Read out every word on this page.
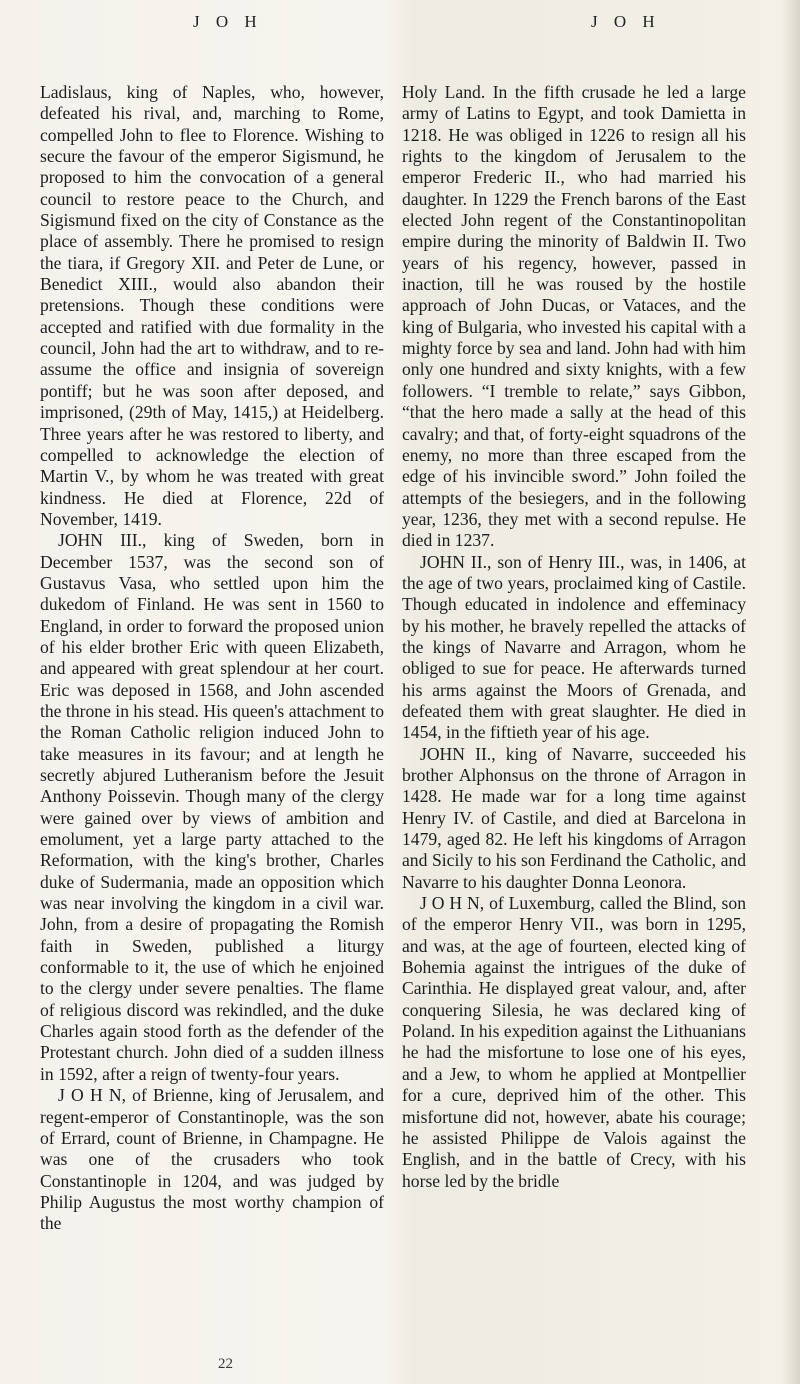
J O H	J O H

Ladislaus, king of Naples, who, however, defeated his rival, and, marching to Rome, compelled John to flee to Florence. Wishing to secure the favour of the emperor Sigismund, he proposed to him the convocation of a general council to restore peace to the Church, and Sigismund fixed on the city of Constance as the place of assembly. There he promised to resign the tiara, if Gregory XII. and Peter de Lune, or Benedict XIII., would also abandon their pretensions. Though these conditions were accepted and ratified with due formality in the council, John had the art to withdraw, and to re-assume the office and insignia of sovereign pontiff; but he was soon after deposed, and imprisoned, (29th of May, 1415,) at Heidelberg. Three years after he was restored to liberty, and compelled to acknowledge the election of Martin V., by whom he was treated with great kindness. He died at Florence, 22d of November, 1419.

JOHN III., king of Sweden, born in December 1537, was the second son of Gustavus Vasa, who settled upon him the dukedom of Finland. He was sent in 1560 to England, in order to forward the proposed union of his elder brother Eric with queen Elizabeth, and appeared with great splendour at her court. Eric was deposed in 1568, and John ascended the throne in his stead. His queen's attachment to the Roman Catholic religion induced John to take measures in its favour; and at length he secretly abjured Lutheranism before the Jesuit Anthony Poissevin. Though many of the clergy were gained over by views of ambition and emolument, yet a large party attached to the Reformation, with the king's brother, Charles duke of Sudermania, made an opposition which was near involving the kingdom in a civil war. John, from a desire of propagating the Romish faith in Sweden, published a liturgy conformable to it, the use of which he enjoined to the clergy under severe penalties. The flame of religious discord was rekindled, and the duke Charles again stood forth as the defender of the Protestant church. John died of a sudden illness in 1592, after a reign of twenty-four years.

J O H N, of Brienne, king of Jerusalem, and regent-emperor of Constantinople, was the son of Errard, count of Brienne, in Champagne. He was one of the crusaders who took Constantinople in 1204, and was judged by Philip Augustus the most worthy champion of the

Holy Land. In the fifth crusade he led a large army of Latins to Egypt, and took Damietta in 1218. He was obliged in 1226 to resign all his rights to the kingdom of Jerusalem to the emperor Frederic II., who had married his daughter. In 1229 the French barons of the East elected John regent of the Constantinopolitan empire during the minority of Baldwin II. Two years of his regency, however, passed in inaction, till he was roused by the hostile approach of John Ducas, or Vataces, and the king of Bulgaria, who invested his capital with a mighty force by sea and land. John had with him only one hundred and sixty knights, with a few followers. “I tremble to relate,” says Gibbon, “that the hero made a sally at the head of this cavalry; and that, of forty-eight squadrons of the enemy, no more than three escaped from the edge of his invincible sword.” John foiled the attempts of the besiegers, and in the following year, 1236, they met with a second repulse. He died in 1237.

JOHN II., son of Henry III., was, in 1406, at the age of two years, proclaimed king of Castile. Though educated in indolence and effeminacy by his mother, he bravely repelled the attacks of the kings of Navarre and Arragon, whom he obliged to sue for peace. He afterwards turned his arms against the Moors of Grenada, and defeated them with great slaughter. He died in 1454, in the fiftieth year of his age.

JOHN II., king of Navarre, succeeded his brother Alphonsus on the throne of Arragon in 1428. He made war for a long time against Henry IV. of Castile, and died at Barcelona in 1479, aged 82. He left his kingdoms of Arragon and Sicily to his son Ferdinand the Catholic, and Navarre to his daughter Donna Leonora.

J O H N, of Luxemburg, called the Blind, son of the emperor Henry VII., was born in 1295, and was, at the age of fourteen, elected king of Bohemia against the intrigues of the duke of Carinthia. He displayed great valour, and, after conquering Silesia, he was declared king of Poland. In his expedition against the Lithuanians he had the misfortune to lose one of his eyes, and a Jew, to whom he applied at Montpellier for a cure, deprived him of the other. This misfortune did not, however, abate his courage; he assisted Philippe de Valois against the English, and in the battle of Crecy, with his horse led by the bridle

22
